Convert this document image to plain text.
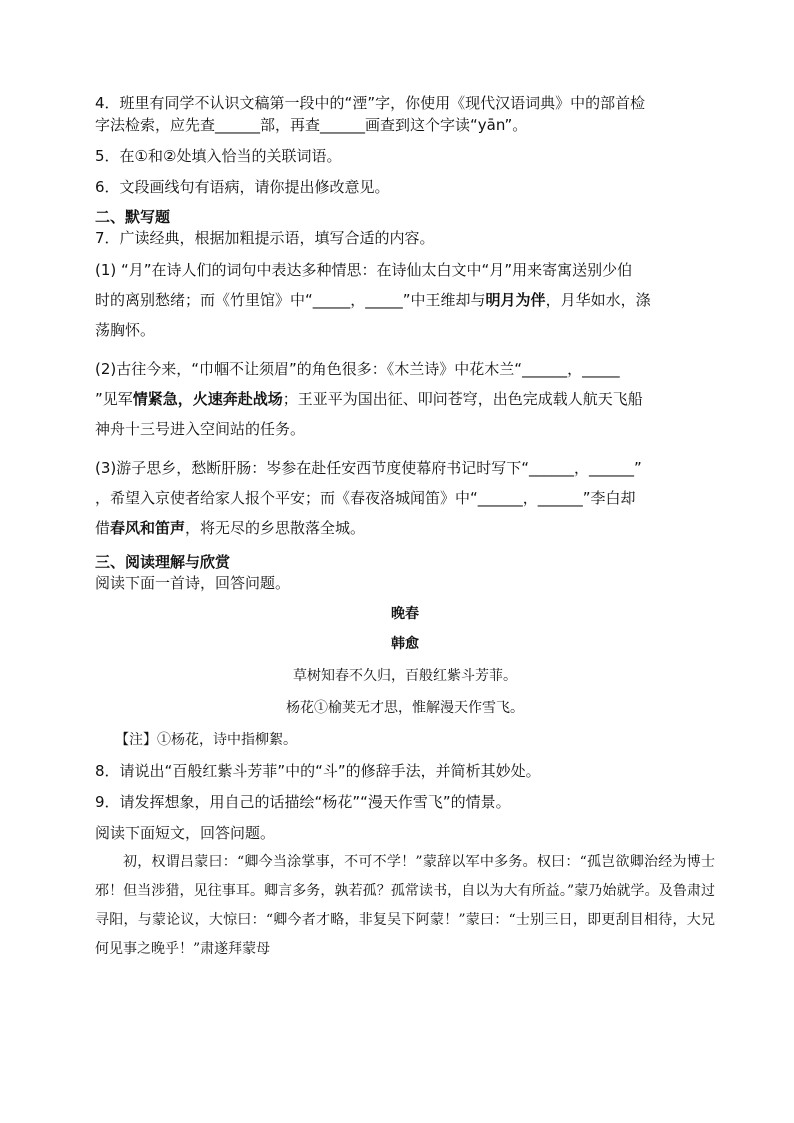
4．班里有同学不认识文稿第一段中的“湮”字，你使用《现代汉语词典》中的部首检
字法检索，应先查______部，再查______画查到这个字读“yān”。
5．在①和②处填入恰当的关联词语。
6．文段画线句有语病，请你提出修改意见。
二、默写题
7．广读经典，根据加粗提示语，填写合适的内容。
(1) “月”在诗人们的词句中表达多种情思：在诗仙太白文中“月”用来寄寓送别少伯
时的离别愁绪；而《竹里馆》中“_____，_____”中王维却与明月为伴，月华如水，涤
荡胸怀。
(2)古往今来，“巾帼不让须眉”的角色很多：《木兰诗》中花木兰“______，_____
”见军情紧急，火速奔赴战场；王亚平为国出征、叩问苍穹，出色完成载人航天飞船
神舟十三号进入空间站的任务。
(3)游子思乡，愁断肝肠：岑参在赴任安西节度使幕府书记时写下“______，______”
，希望入京使者给家人报个平安；而《春夜洛城闻笛》中“______，______”李白却
借春风和笛声，将无尽的乡思散落全城。
三、阅读理解与欣赏
阅读下面一首诗，回答问题。
晚春
韩愈
草树知春不久归，百般红紫斗芳菲。
杨花①榆荚无才思，惟解漫天作雪飞。
【注】①杨花，诗中指柳絮。
8．请说出“百般红紫斗芳菲”中的“斗”的修辞手法，并简析其妙处。
9．请发挥想象，用自己的话描绘“杨花”“漫天作雪飞”的情景。
阅读下面短文，回答问题。
初，权谓吕蒙曰：“卿今当涂掌事，不可不学！”蒙辞以军中多务。权曰：“孤岂欲卿治经为博士邪！但当涉猎，见往事耳。卿言多务，孰若孤？孤常读书，自以为大有所益。”蒙乃始就学。及鲁肃过寻阳，与蒙论议，大惊曰：“卿今者才略，非复吴下阿蒙！”蒙曰：“士别三日，即更刮目相待，大兄何见事之晚乎！”肃遂拜蒙母
